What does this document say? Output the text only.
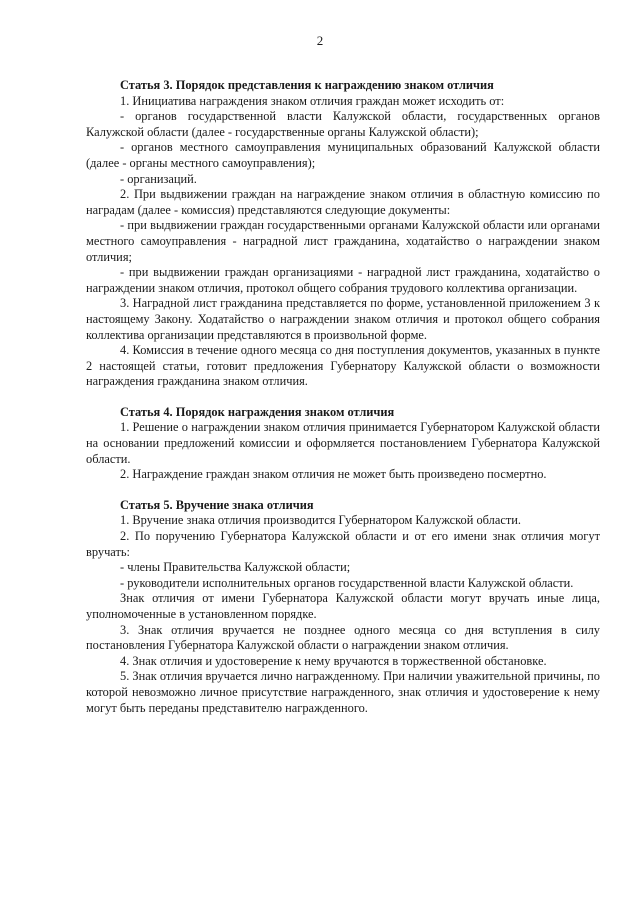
2
Статья 3. Порядок представления к награждению знаком отличия

1. Инициатива награждения знаком отличия граждан может исходить от:

- органов государственной власти Калужской области, государственных органов Калужской области (далее - государственные органы Калужской области);

- органов местного самоуправления муниципальных образований Калужской области (далее - органы местного самоуправления);

- организаций.

2. При выдвижении граждан на награждение знаком отличия в областную комиссию по наградам (далее - комиссия) представляются следующие документы:

- при выдвижении граждан государственными органами Калужской области или органами местного самоуправления - наградной лист гражданина, ходатайство о награждении знаком отличия;

- при выдвижении граждан организациями - наградной лист гражданина, ходатайство о награждении знаком отличия, протокол общего собрания трудового коллектива организации.

3. Наградной лист гражданина представляется по форме, установленной приложением 3 к настоящему Закону. Ходатайство о награждении знаком отличия и протокол общего собрания коллектива организации представляются в произвольной форме.

4. Комиссия в течение одного месяца со дня поступления документов, указанных в пункте 2 настоящей статьи, готовит предложения Губернатору Калужской области о возможности награждения гражданина знаком отличия.

Статья 4. Порядок награждения знаком отличия

1. Решение о награждении знаком отличия принимается Губернатором Калужской области на основании предложений комиссии и оформляется постановлением Губернатора Калужской области.

2. Награждение граждан знаком отличия не может быть произведено посмертно.

Статья 5. Вручение знака отличия

1. Вручение знака отличия производится Губернатором Калужской области.

2. По поручению Губернатора Калужской области и от его имени знак отличия могут вручать:

- члены Правительства Калужской области;

- руководители исполнительных органов государственной власти Калужской области.

Знак отличия от имени Губернатора Калужской области могут вручать иные лица, уполномоченные в установленном порядке.

3. Знак отличия вручается не позднее одного месяца со дня вступления в силу постановления Губернатора Калужской области о награждении знаком отличия.

4. Знак отличия и удостоверение к нему вручаются в торжественной обстановке.

5. Знак отличия вручается лично награжденному. При наличии уважительной причины, по которой невозможно личное присутствие награжденного, знак отличия и удостоверение к нему могут быть переданы представителю награжденного.
